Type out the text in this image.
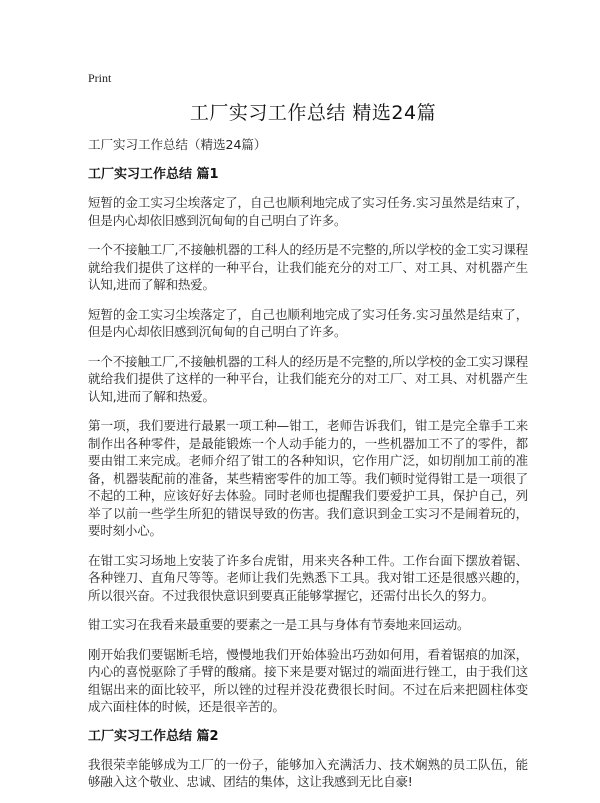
Print
工厂实习工作总结 精选24篇
工厂实习工作总结（精选24篇）
工厂实习工作总结 篇1

短暂的金工实习尘埃落定了，自己也顺利地完成了实习任务.实习虽然是结束了，但是内心却依旧感到沉甸甸的自己明白了许多。

一个不接触工厂,不接触机器的工科人的经历是不完整的,所以学校的金工实习课程就给我们提供了这样的一种平台，让我们能充分的对工厂、对工具、对机器产生认知,进而了解和热爱。

短暂的金工实习尘埃落定了，自己也顺利地完成了实习任务.实习虽然是结束了，但是内心却依旧感到沉甸甸的自己明白了许多。

一个不接触工厂,不接触机器的工科人的经历是不完整的,所以学校的金工实习课程就给我们提供了这样的一种平台，让我们能充分的对工厂、对工具、对机器产生认知,进而了解和热爱。

第一项，我们要进行最累一项工种—钳工，老师告诉我们，钳工是完全靠手工来制作出各种零件，是最能锻炼一个人动手能力的，一些机器加工不了的零件，都要由钳工来完成。老师介绍了钳工的各种知识，它作用广泛，如切削加工前的准备，机器装配前的准备，某些精密零件的加工等。我们顿时觉得钳工是一项很了不起的工种，应该好好去体验。同时老师也提醒我们要爱护工具，保护自己，列举了以前一些学生所犯的错误导致的伤害。我们意识到金工实习不是闹着玩的，要时刻小心。

在钳工实习场地上安装了许多台虎钳，用来夹各种工件。工作台面下摆放着锯、各种锉刀、直角尺等等。老师让我们先熟悉下工具。我对钳工还是很感兴趣的，所以很兴奋。不过我很快意识到要真正能够掌握它，还需付出长久的努力。

钳工实习在我看来最重要的要素之一是工具与身体有节奏地来回运动。

刚开始我们要锯断毛培，慢慢地我们开始体验出巧劲如何用，看着锯痕的加深，内心的喜悦驱除了手臂的酸痛。接下来是要对锯过的端面进行锉工，由于我们这组锯出来的面比较平，所以锉的过程并没花费很长时间。不过在后来把圆柱体变成六面柱体的时候，还是很辛苦的。

工厂实习工作总结 篇2

我很荣幸能够成为工厂的一份子，能够加入充满活力、技术娴熟的员工队伍，能够融入这个敬业、忠诚、团结的集体，这让我感到无比自豪!
